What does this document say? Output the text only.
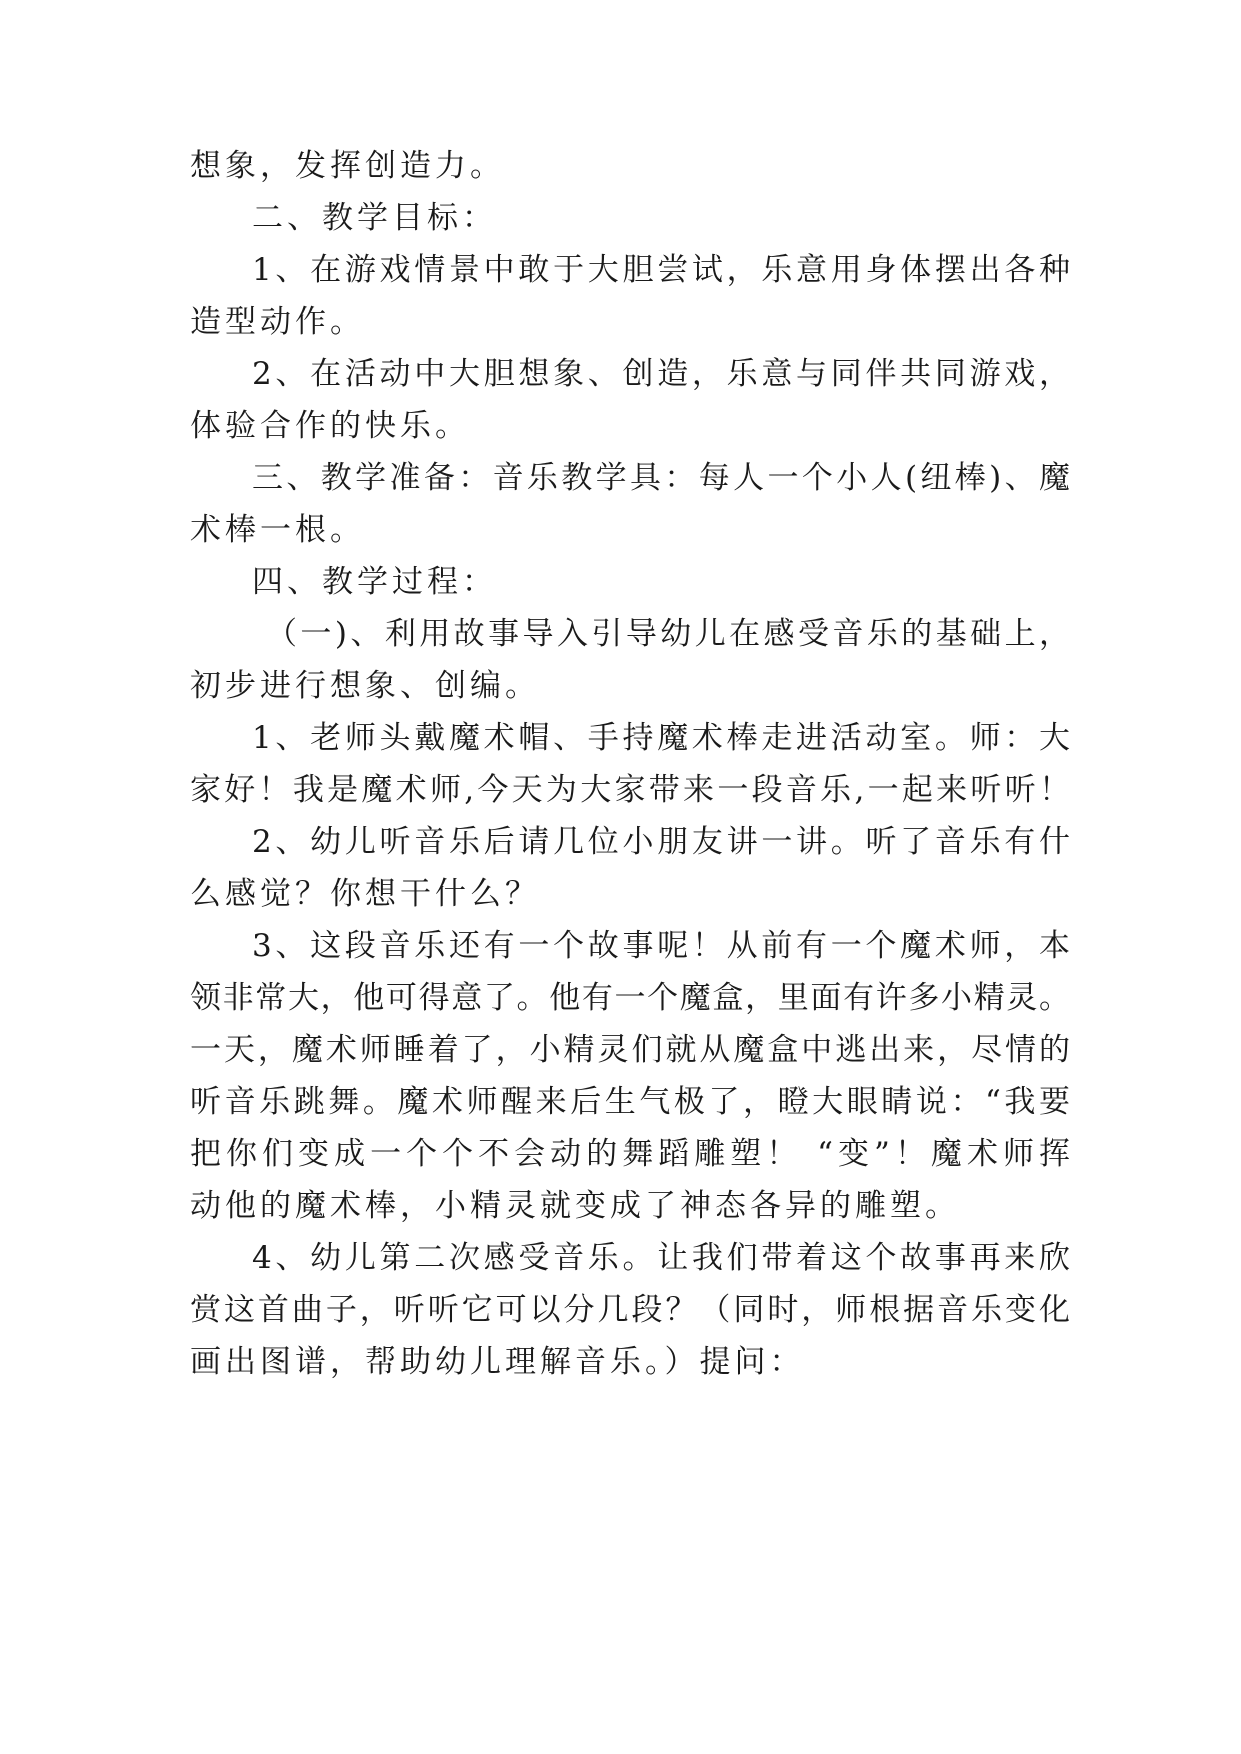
想象，发挥创造力。
二、教学目标：
1、在游戏情景中敢于大胆尝试，乐意用身体摆出各种
造型动作。
2、在活动中大胆想象、创造，乐意与同伴共同游戏，
体验合作的快乐。
三、教学准备：音乐教学具：每人一个小人(纽棒)、魔
术棒一根。
四、教学过程：
（一)、利用故事导入引导幼儿在感受音乐的基础上，
初步进行想象、创编。
1、老师头戴魔术帽、手持魔术棒走进活动室。师：大
家好！我是魔术师,今天为大家带来一段音乐,一起来听听！
2、幼儿听音乐后请几位小朋友讲一讲。听了音乐有什
么感觉？你想干什么？
3、这段音乐还有一个故事呢！从前有一个魔术师，本
领非常大，他可得意了。他有一个魔盒，里面有许多小精灵。
一天，魔术师睡着了，小精灵们就从魔盒中逃出来，尽情的
听音乐跳舞。魔术师醒来后生气极了，瞪大眼睛说：“我要
把你们变成一个个不会动的舞蹈雕塑！ “变”！魔术师挥
动他的魔术棒，小精灵就变成了神态各异的雕塑。
4、幼儿第二次感受音乐。让我们带着这个故事再来欣
赏这首曲子，听听它可以分几段？（同时，师根据音乐变化
画出图谱，帮助幼儿理解音乐。）提问：
